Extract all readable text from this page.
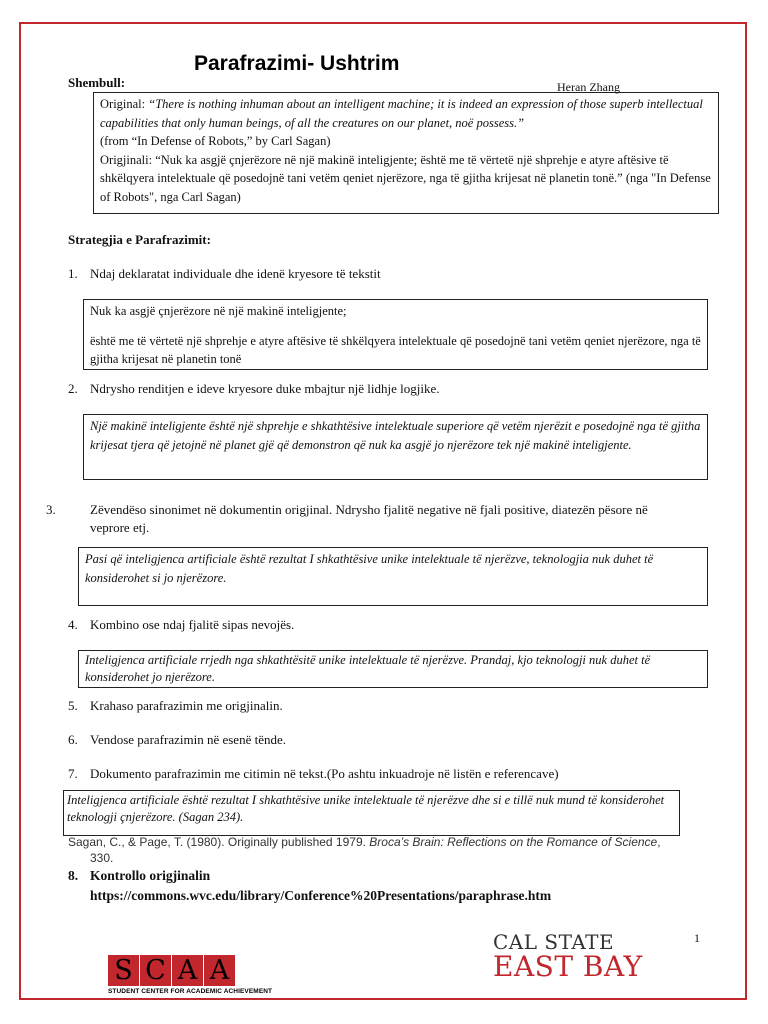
Parafrazimi- Ushtrim
Shembull:	Heran Zhang
Original: “There is nothing inhuman about an intelligent machine; it is indeed an expression of those superb intellectual capabilities that only human beings, of all the creatures on our planet, noë possess.”
(from “In Defense of Robots,” by Carl Sagan)
Origjinali: “Nuk ka asgjë çnjerëzore në një makinë inteligjente; është me të vërtetë një shprehje e atyre aftësive të shkëlqyera intelektuale që posedojnë tani vetëm qeniet njerëzore, nga të gjitha krijesat në planetin tonë.” (nga "In Defense of Robots", nga Carl Sagan)
Strategjia e Parafrazimit:
1. Ndaj deklaratat individuale dhe idenë kryesore të tekstit
Nuk ka asgjë çnjerëzore në një makinë inteligjente;
është me të vërtetë një shprehje e atyre aftësive të shkëlqyera intelektuale që posedojnë tani vetëm qeniet njerëzore, nga të gjitha krijesat në planetin tonë
2. Ndrysho renditjen e ideve kryesore duke mbajtur një lidhje logjike.
Një makinë inteligjente është një shprehje e shkathtësive intelektuale superiore që vetëm njerëzit e posedojnë nga të gjitha krijesat tjera që jetojnë në planet gjë që demonstron që nuk ka asgjë jo njerëzore tek një makinë inteligjente.
3.	Zëvendëso sinonimet në dokumentin origjinal. Ndrysho fjalitë negative në fjali positive, diatezën pësore në veprore etj.
Pasi që inteligjenca artificiale është rezultat I shkathtësive unike intelektuale të njerëzve, teknologjia nuk duhet të konsiderohet si jo njerëzore.
4. Kombino ose ndaj fjalitë sipas nevojës.
Inteligjenca artificiale rrjedh nga shkathtësitë unike intelektuale të njerëzve. Prandaj, kjo teknologji nuk duhet të konsiderohet jo njerëzore.
5. Krahaso parafrazimin me origjinalin.
6. Vendose parafrazimin në esenë tënde.
7. Dokumento parafrazimin me citimin në tekst.(Po ashtu inkuadroje në listën e referencave)
Inteligjenca artificiale është rezultat I shkathtësive unike intelektuale të njerëzve dhe si e tillë nuk mund të konsiderohet teknologji çnjerëzore. (Sagan 234).
Sagan, C., & Page, T. (1980). Originally published 1979. Broca’s Brain: Reflections on the Romance of Science,
330.
8. Kontrollo origjinalin
https://commons.wvc.edu/library/Conference%20Presentations/paraphrase.htm
1
S C A A
STUDENT CENTER FOR ACADEMIC ACHIEVEMENT
CAL STATE
EAST BAY
